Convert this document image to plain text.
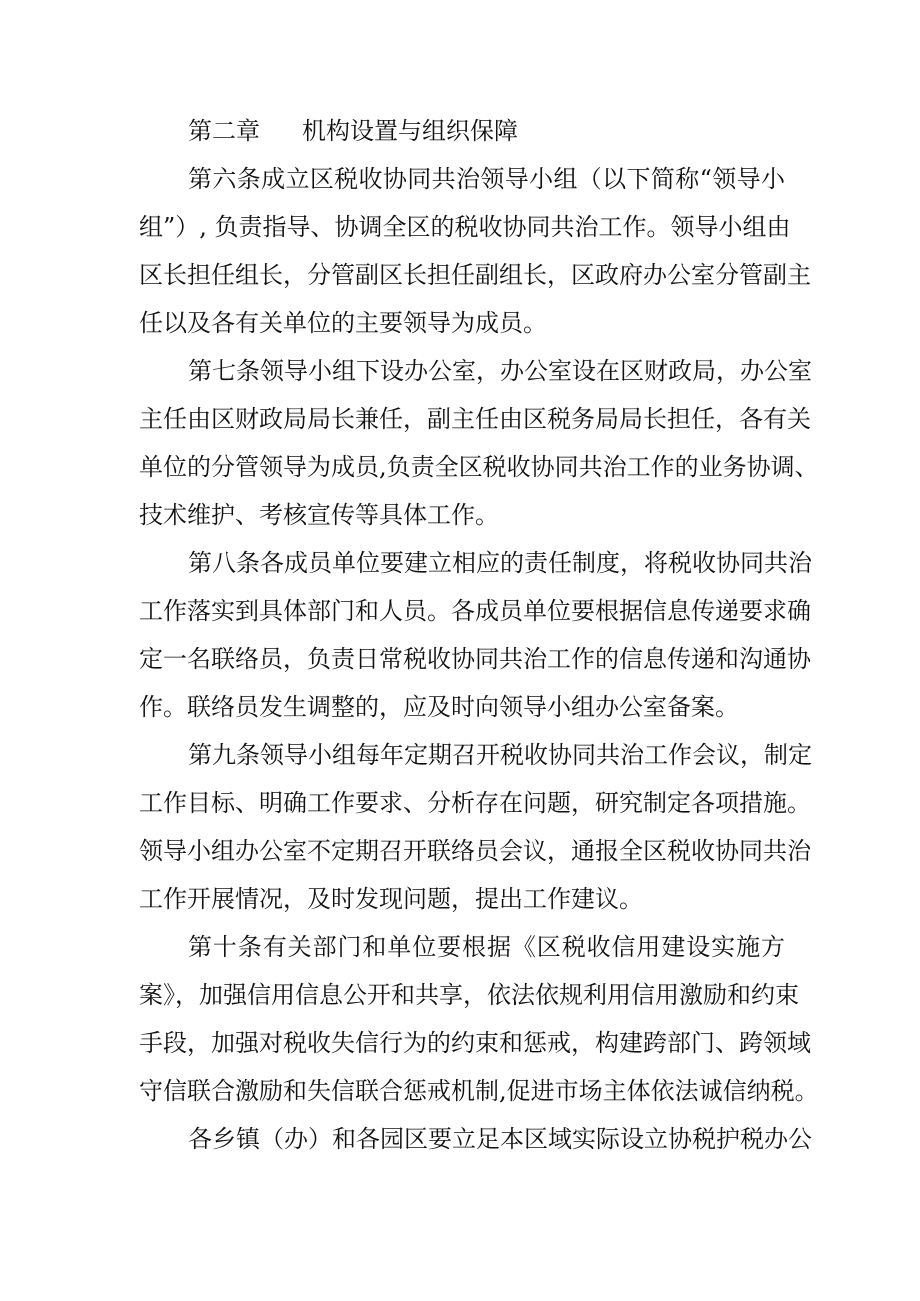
第二章 机构设置与组织保障
第六条成立区税收协同共治领导小组（以下简称“领导小
组”）, 负责指导、协调全区的税收协同共治工作。领导小组由
区长担任组长，分管副区长担任副组长，区政府办公室分管副主
任以及各有关单位的主要领导为成员。
第七条领导小组下设办公室，办公室设在区财政局，办公室
主任由区财政局局长兼任，副主任由区税务局局长担任，各有关
单位的分管领导为成员,负责全区税收协同共治工作的业务协调、
技术维护、考核宣传等具体工作。
第八条各成员单位要建立相应的责任制度，将税收协同共治
工作落实到具体部门和人员。各成员单位要根据信息传递要求确
定一名联络员，负责日常税收协同共治工作的信息传递和沟通协
作。联络员发生调整的，应及时向领导小组办公室备案。
第九条领导小组每年定期召开税收协同共治工作会议，制定
工作目标、明确工作要求、分析存在问题，研究制定各项措施。
领导小组办公室不定期召开联络员会议，通报全区税收协同共治
工作开展情况，及时发现问题，提出工作建议。
第十条有关部门和单位要根据《区税收信用建设实施方
案》，加强信用信息公开和共享，依法依规利用信用激励和约束
手段，加强对税收失信行为的约束和惩戒，构建跨部门、跨领域
守信联合激励和失信联合惩戒机制,促进市场主体依法诚信纳税。
各乡镇（办）和各园区要立足本区域实际设立协税护税办公
